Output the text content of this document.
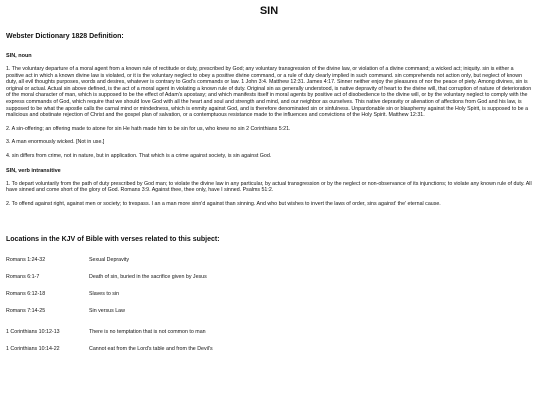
SIN
Webster Dictionary 1828 Definition:
SIN, noun

1. The voluntary departure of a moral agent from a known rule of rectitude or duty, prescribed by God; any voluntary transgression of the divine law, or violation of a divine command; a wicked act; iniquity. sin is either a positive act in which a known divine law is violated, or it is the voluntary neglect to obey a positive divine command, or a rule of duty clearly implied in such command. sin comprehends not action only, but neglect of known duty, all evil thoughts purposes, words and desires, whatever is contrary to God's commands or law. 1 John 3:4. Matthew 12:31. James 4:17. Sinner neither enjoy the pleasures of nor the peace of piety. Among divines, sin is original or actual. Actual sin above defined, is the act of a moral agent in violating a known rule of duty. Original sin as generally understood, is native depravity of heart to the divine will, that corruption of nature of deterioration of the moral character of man, which is supposed to be the effect of Adam's apostasy; and which manifests itself in moral agents by positive act of disobedience to the divine will, or by the voluntary neglect to comply with the express commands of God, which require that we should love God with all the heart and soul and strength and mind, and our neighbor as ourselves. This native depravity or alienation of affections from God and his law, is supposed to be what the apostle calls the carnal mind or mindedness, which is enmity against God, and is therefore denominated sin or sinfulness. Unpardonable sin or blasphemy against the Holy Spirit, is supposed to be a malicious and obstinate rejection of Christ and the gospel plan of salvation, or a contemptuous resistance made to the influences and convictions of the Holy Spirit. Matthew 12:31.

2. A sin-offering; an offering made to atone for sin He hath made him to be sin for us, who knew no sin 2 Corinthians 5:21.

3. A man enormously wicked. [Not in use.]

4. sin differs from crime, not in nature, but in application. That which is a crime against society, is sin against God.

SIN, verb intransitive

1. To depart voluntarily from the path of duty prescribed by God man; to violate the divine law in any particular, by actual transgression or by the neglect or non-observance of its injunctions; to violate any known rule of duty. All have sinned and come short of the glory of God. Romans 3:9. Against thee, thee only, have I sinned. Psalms 51:2.

2. To offend against right, against men or society; to trespass. I an a man more sinn'd against than sinning. And who but wishes to invert the laws of order, sins against' the' eternal cause.

Locations in the KJV of Bible with verses related to this subject:
Romans 1:24-32	Sexual Depravity
Romans 6:1-7	Death of sin, buried in the sacrifice given by Jesus
Romans 6:12-18	Slaves to sin
Romans 7:14-25	Sin versus Law
1 Corinthians 10:12-13	There is no temptation that is not common to man
1 Corinthians 10:14-22	Cannot eat from the Lord's table and from the Devil's
